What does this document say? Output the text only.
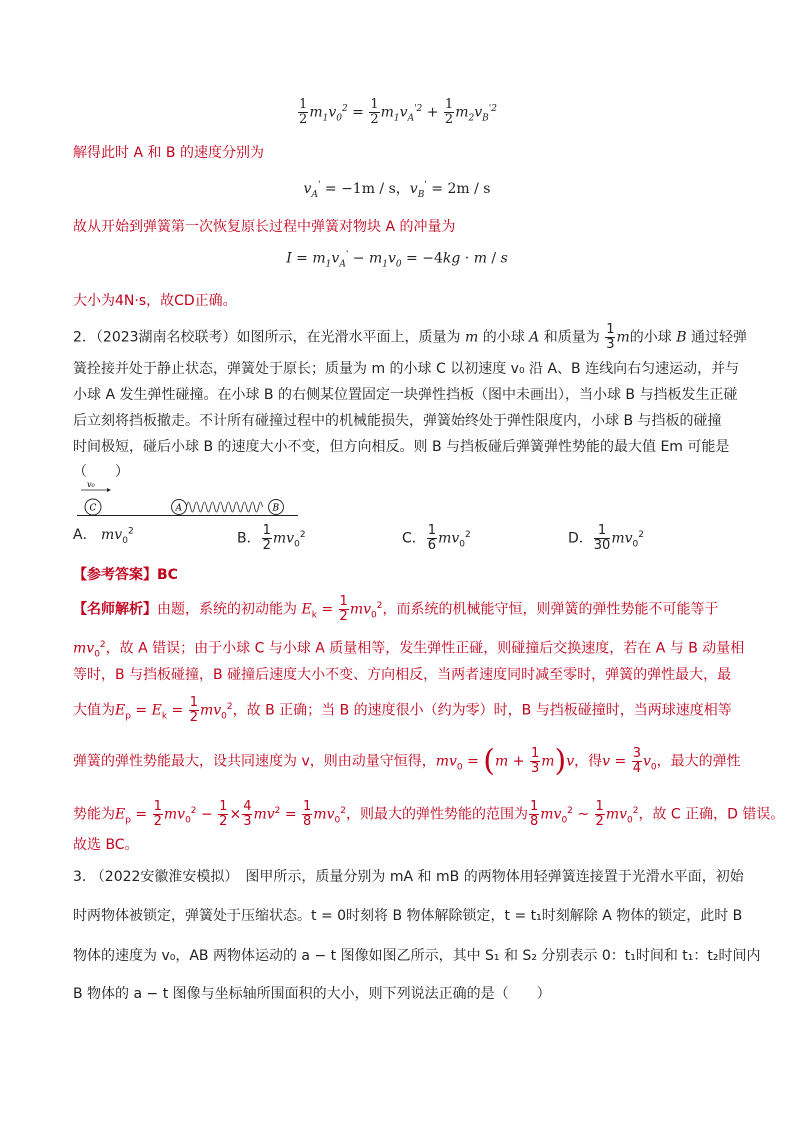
$\frac{1}{2} m_1v_0^2 = \frac{1}{2} m_1v_A^{'2} + \frac{1}{2} m_2v_B^{'2}$
解得此时 A 和 B 的速度分别为
$v_A' = -1m / s$，$v_B' = 2m / s$
故从开始到弹簧第一次恢复原长过程中弹簧对物块 A 的冲量为
$I = m_1v_A' - m_1v_0 = -4kg \cdot m / s$
大小为4N·s，故CD正确。
2．（2023湖南名校联考）如图所示，在光滑水平面上，质量为 m 的小球 A 和质量为 $\frac{1}{3}$ m的小球 B 通过轻弹
簧拴接并处于静止状态，弹簧处于原长；质量为 m 的小球 C 以初速度 v₀ 沿 A、B 连线向右匀速运动，并与
小球 A 发生弹性碰撞。在小球 B 的右侧某位置固定一块弹性挡板（图中未画出），当小球 B 与挡板发生正碰
后立刻将挡板撤走。不计所有碰撞过程中的机械能损失，弹簧始终处于弹性限度内，小球 B 与挡板的碰撞
时间极短，碰后小球 B 的速度大小不变，但方向相反。则 B 与挡板碰后弹簧弹性势能的最大值 Em 可能是
（　　）
v₀
C	A	B
A． $mv_0^2$	B． $\frac{1}{2} mv_0^2$	C． $\frac{1}{6} mv_0^2$	D． $\frac{1}{30} mv_0^2$
【参考答案】BC
【名师解析】由题，系统的初动能为 $E_k = \frac{1}{2} mv_0^2$，而系统的机械能守恒，则弹簧的弹性势能不可能等于
$mv_0^2$，故 A 错误；由于小球 C 与小球 A 质量相等，发生弹性正碰，则碰撞后交换速度，若在 A 与 B 动量相
等时，B 与挡板碰撞，B 碰撞后速度大小不变、方向相反，当两者速度同时减至零时，弹簧的弹性最大，最
大值为$E_p = E_k = \frac{1}{2} mv_0^2$，故 B 正确；当 B 的速度很小（约为零）时，B 与挡板碰撞时，当两球速度相等
弹簧的弹性势能最大，设共同速度为 v，则由动量守恒得，$mv_0 = (m + \frac{1}{3} m)v$，得$v = \frac{3}{4} v_0$，最大的弹性
势能为$E_p = \frac{1}{2} mv_0^2 - \frac{1}{2} \times \frac{4}{3} mv^2 = \frac{1}{8} mv_0^2$，则最大的弹性势能的范围为 $\frac{1}{8} mv_0^2$ ~ $\frac{1}{2} mv_0^2$，故 C 正确，D 错误。
故选 BC。
3. （2022安徽淮安模拟）　图甲所示，质量分别为 mA 和 mB 的两物体用轻弹簧连接置于光滑水平面，初始
时两物体被锁定，弹簧处于压缩状态。t = 0时刻将 B 物体解除锁定，t = t₁时刻解除 A 物体的锁定，此时 B
物体的速度为 v₀，AB 两物体运动的 a − t 图像如图乙所示，其中 S₁ 和 S₂ 分别表示 0：t₁时间和 t₁：t₂时间内
B 物体的 a − t 图像与坐标轴所围面积的大小，则下列说法正确的是（　　）
